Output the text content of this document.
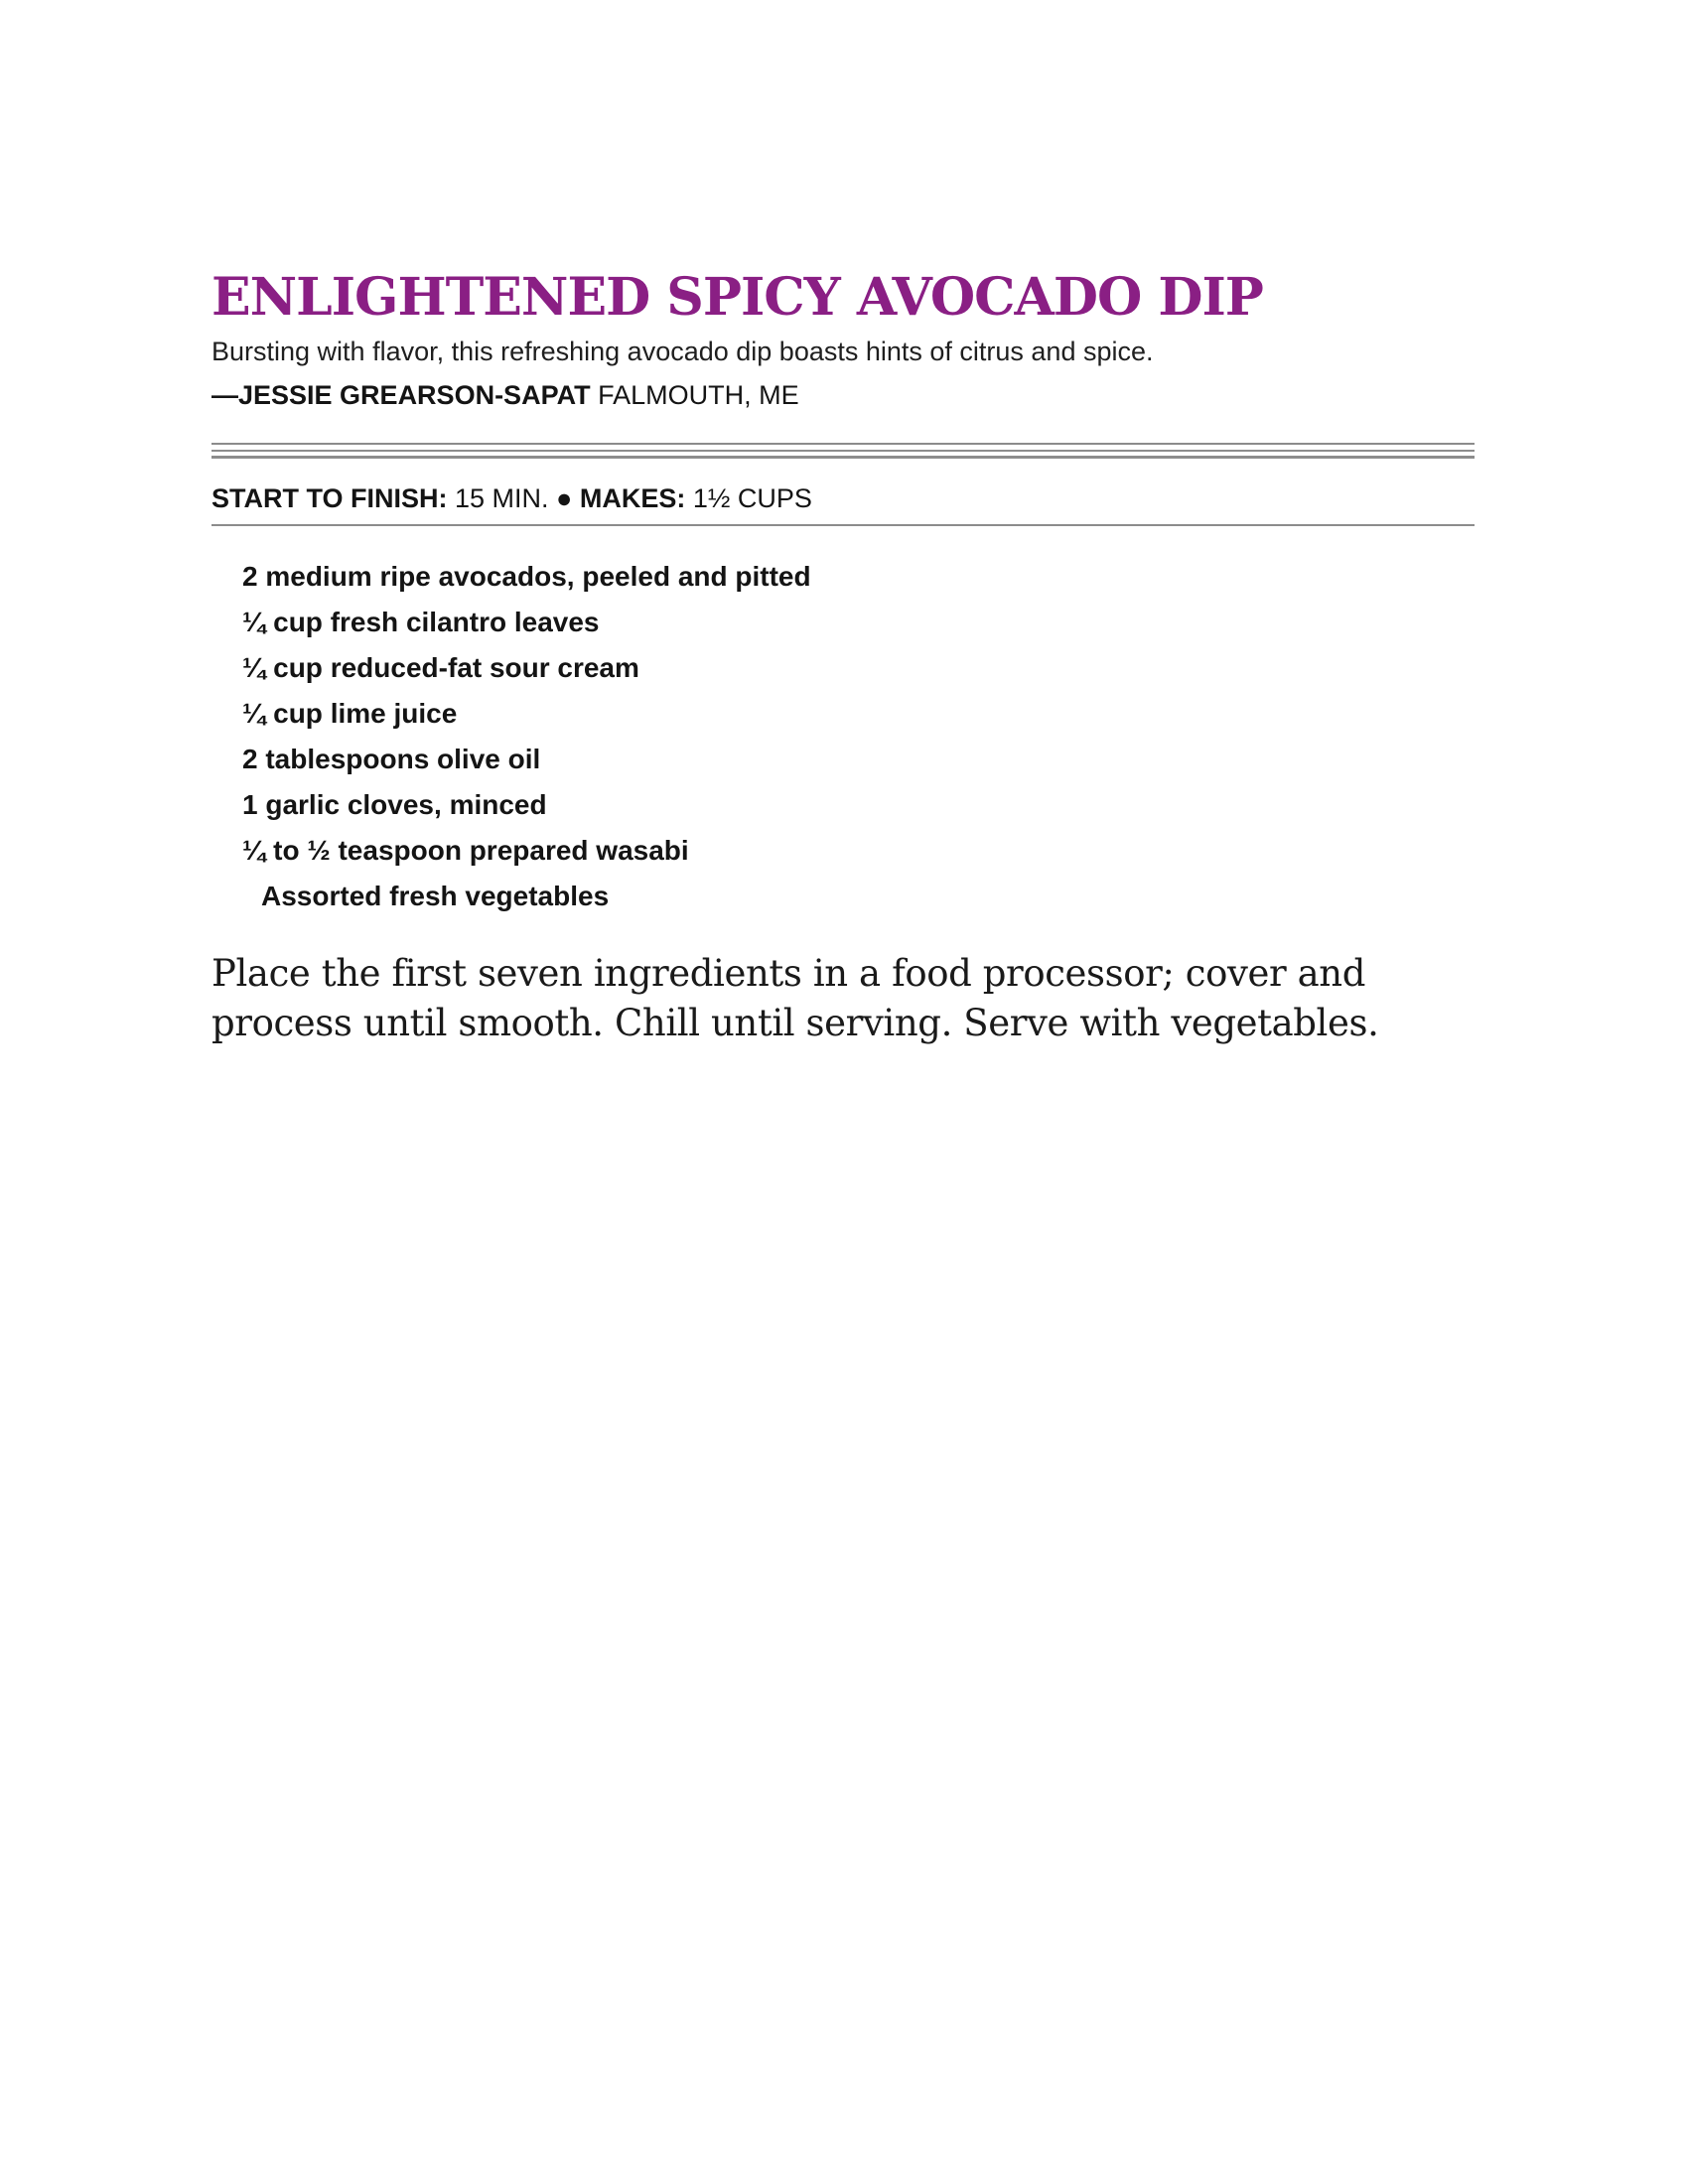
ENLIGHTENED SPICY AVOCADO DIP
Bursting with flavor, this refreshing avocado dip boasts hints of citrus and spice.
—JESSIE GREARSON-SAPAT FALMOUTH, ME
START TO FINISH: 15 MIN. ● MAKES: 1½ CUPS
2 medium ripe avocados, peeled and pitted
¼ cup fresh cilantro leaves
¼ cup reduced-fat sour cream
¼ cup lime juice
2 tablespoons olive oil
1 garlic cloves, minced
¼ to ½ teaspoon prepared wasabi
Assorted fresh vegetables

Place the first seven ingredients in a food processor; cover and process until smooth. Chill until serving. Serve with vegetables.
